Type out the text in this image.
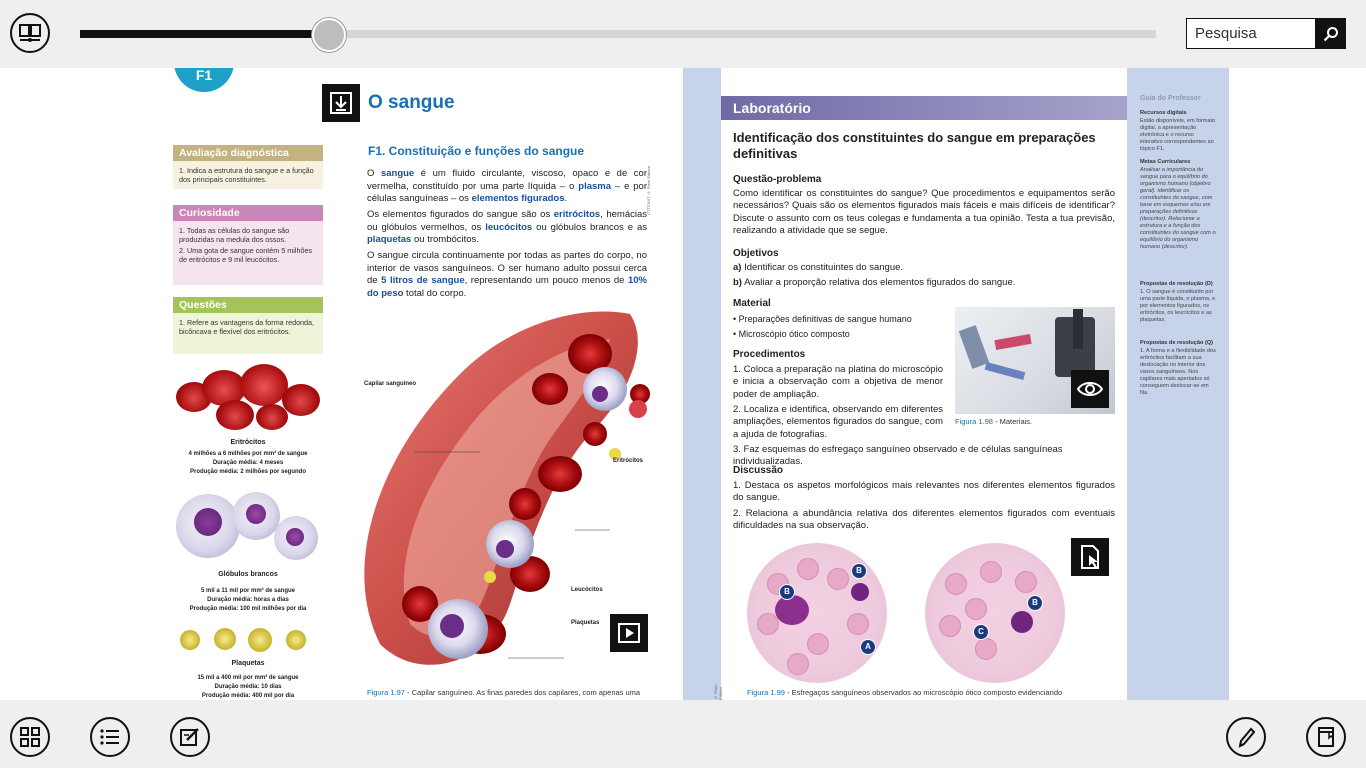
Pesquisa
F1
O sangue
F1. Constituição e funções do sangue
CTTC/NIT © Porto Editora
O sangue é um fluido circulante, viscoso, opaco e de cor vermelha, constituído por uma parte líquida – o plasma – e por células sanguíneas – os elementos figurados.
Os elementos figurados do sangue são os eritrócitos, hemácias ou glóbulos vermelhos, os leucócitos ou glóbulos brancos e as plaquetas ou trombócitos.
O sangue circula continuamente por todas as partes do corpo, no interior de vasos sanguíneos. O ser humano adulto possui cerca de 5 litros de sangue, representando um pouco menos de 10% do peso total do corpo.
Avaliação diagnóstica
1. Indica a estrutura do sangue e a função dos principais constituintes.
Curiosidade
1. Todas as células do sangue são produzidas na medula dos ossos.
2. Uma gota de sangue contém 5 milhões de eritrócitos e 9 mil leucócitos.
Questões
1. Refere as vantagens da forma redonda, bicôncava e flexível dos eritrócitos.
Eritrócitos
4 milhões a 6 milhões por mm³ de sangue
Duração média: 4 meses
Produção média: 2 milhões por segundo
Glóbulos brancos
5 mil a 11 mil por mm³ de sangue
Duração média: horas a dias
Produção média: 100 mil milhões por dia
Plaquetas
15 mil a 400 mil por mm³ de sangue
Duração média: 10 dias
Produção média: 400 mil por dia
Capilar sanguíneo
Eritrócitos
Leucócitos
Plaquetas
Figura 1.97 - Capilar sanguíneo. As finas paredes dos capilares, com apenas uma
Laboratório
Identificação dos constituintes do sangue em preparações definitivas
Questão-problema
Como identificar os constituintes do sangue? Que procedimentos e equipamentos serão necessários? Quais são os elementos figurados mais fáceis e mais difíceis de identificar? Discute o assunto com os teus colegas e fundamenta a tua opinião. Testa a tua previsão, realizando a atividade que se segue.
Objetivos
a) Identificar os constituintes do sangue.
b) Avaliar a proporção relativa dos elementos figurados do sangue.
Material
• Preparações definitivas de sangue humano
• Microscópio ótico composto
Procedimentos
1. Coloca a preparação na platina do microscópio e inicia a observação com a objetiva de menor poder de ampliação.
2. Localiza e identifica, observando em diferentes ampliações, elementos figurados do sangue, com a ajuda de fotografias.
3. Faz esquemas do esfregaço sanguíneo observado e de células sanguíneas individualizadas.
Figura 1.98 - Materiais.
Discussão
1. Destaca os aspetos morfológicos mais relevantes nos diferentes elementos figurados do sangue.
2. Relaciona a abundância relativa dos diferentes elementos figurados com eventuais dificuldades na sua observação.
B
B
A
B
C
Figura 1.99 - Esfregaços sanguíneos observados ao microscópio ótico composto evidenciando
© Porto Editora
Guia do Professor
Recursos digitais
Estão disponíveis, em formato digital, a apresentação eletrónica e o recurso interativo correspondentes ao tópico F1.
Metas Curriculares
Analisar a importância do sangue para o equilíbrio do organismo humano (objetivo geral). Identificar os constituintes do sangue, com base em esquemas e/ou em preparações definitivas (descritor). Relacionar a estrutura e a função dos constituintes do sangue com o equilíbrio do organismo humano (descritor).
Propostas de resolução (D)
1. O sangue é constituído por uma parte líquida, o plasma, e por elementos figurados, os eritrócitos, os leucócitos e as plaquetas.
Propostas de resolução (Q)
1. A forma e a flexibilidade dos eritrócitos facilitam a sua deslocação no interior dos vasos sanguíneos. Nos capilares mais apertados só conseguem deslocar-se em fila.
